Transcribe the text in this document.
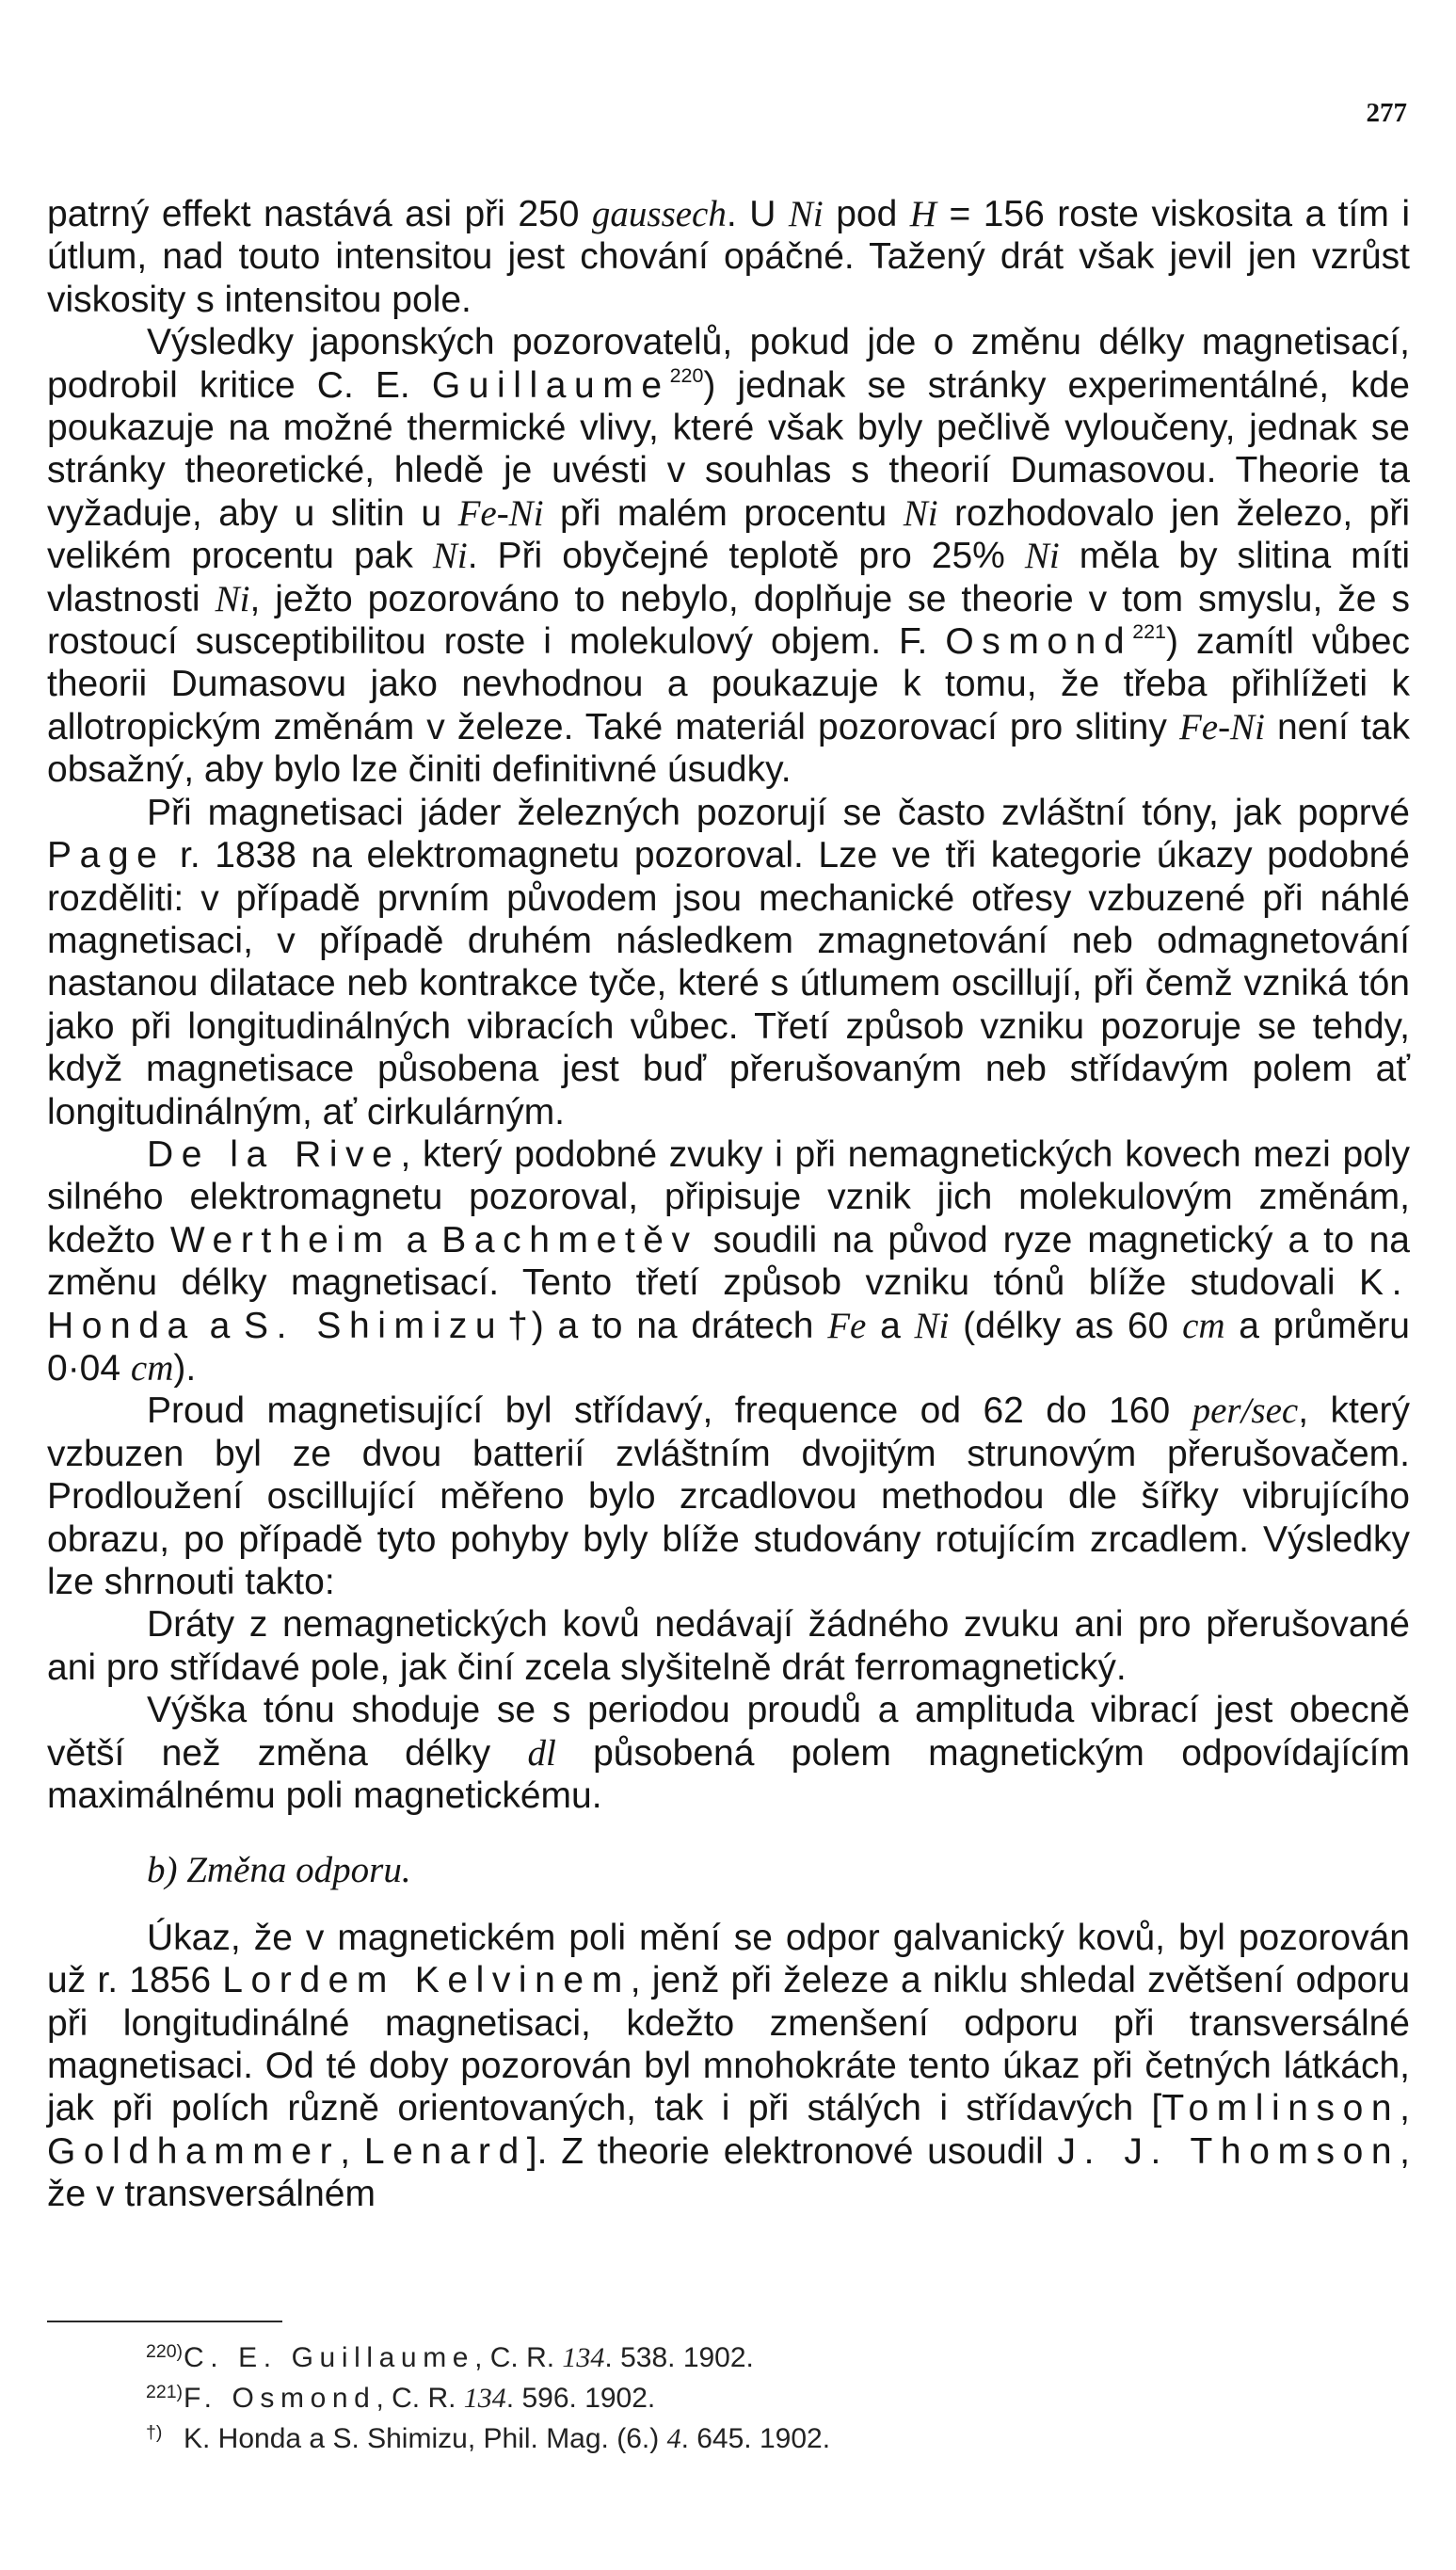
277

patrný effekt nastává asi při 250 gaussech. U Ni pod H = 156 roste viskosita a tím i útlum, nad touto intensitou jest chování opáčné. Tažený drát však jevil jen vzrůst viskosity s intensitou pole.

Výsledky japonských pozorovatelů, pokud jde o změnu délky magnetisací, podrobil kritice C. E. Guillaume$^{220}$) jednak se stránky experimentálné, kde poukazuje na možné thermické vlivy, které však byly pečlivě vyloučeny, jednak se stránky theoretické, hledě je uvésti v souhlas s theorií Dumasovou. Theorie ta vyžaduje, aby u slitin u Fe-Ni při malém procentu Ni rozhodovalo jen železo, při velikém procentu pak Ni. Při obyčejné teplotě pro 25% Ni měla by slitina míti vlastnosti Ni, ježto pozorováno to nebylo, doplňuje se theorie v tom smyslu, že s rostoucí susceptibilitou roste i molekulový objem. F. Osmond$^{221}$) zamítl vůbec theorii Dumasovu jako nevhodnou a poukazuje k tomu, že třeba přihlížeti k allotropickým změnám v železe. Také materiál pozorovací pro slitiny Fe-Ni není tak obsažný, aby bylo lze činiti definitivné úsudky.

Při magnetisaci jáder železných pozorují se často zvláštní tóny, jak poprvé Page r. 1838 na elektromagnetu pozoroval. Lze ve tři kategorie úkazy podobné rozděliti: v případě prvním původem jsou mechanické otřesy vzbuzené při náhlé magnetisaci, v případě druhém následkem zmagnetování neb odmagnetování nastanou dilatace neb kontrakce tyče, které s útlumem oscillují, při čemž vzniká tón jako při longitudinálných vibracích vůbec. Třetí způsob vzniku pozoruje se tehdy, když magnetisace působena jest buď přerušovaným neb střídavým polem ať longitudinálným, ať cirkulárným.

De la Rive, který podobné zvuky i při nemagnetických kovech mezi poly silného elektromagnetu pozoroval, připisuje vznik jich molekulovým změnám, kdežto Wertheim a Bachmetěv soudili na původ ryze magnetický a to na změnu délky magnetisací. Tento třetí způsob vzniku tónů blíže studovali K. Honda a S. Shimizu†) a to na drátech Fe a Ni (délky as 60 cm a průměru 0·04 cm).

Proud magnetisující byl střídavý, frequence od 62 do 160 per/sec, který vzbuzen byl ze dvou batterií zvláštním dvojitým strunovým přerušovačem. Prodloužení oscillující měřeno bylo zrcadlovou methodou dle šířky vibrujícího obrazu, po případě tyto pohyby byly blíže studovány rotujícím zrcadlem. Výsledky lze shrnouti takto:

Dráty z nemagnetických kovů nedávají žádného zvuku ani pro přerušované ani pro střídavé pole, jak činí zcela slyšitelně drát ferromagnetický.

Výška tónu shoduje se s periodou proudů a amplituda vibrací jest obecně větší než změna délky dl působená polem magnetickým odpovídajícím maximálnému poli magnetickému.

b) Změna odporu.

Úkaz, že v magnetickém poli mění se odpor galvanický kovů, byl pozorován už r. 1856 Lordem Kelvinem, jenž při železe a niklu shledal zvětšení odporu při longitudinálné magnetisaci, kdežto zmenšení odporu při transversálné magnetisaci. Od té doby pozorován byl mnohokráte tento úkaz při četných látkách, jak při polích různě orientovaných, tak i při stálých i střídavých [Tomlinson, Goldhammer, Lenard]. Z theorie elektronové usoudil J. J. Thomson, že v transversálném

220)C. E. Guillaume, C. R. 134. 538. 1902.
221)F. Osmond, C. R. 134. 596. 1902.
†) K. Honda a S. Shimizu, Phil. Mag. (6.) 4. 645. 1902.
